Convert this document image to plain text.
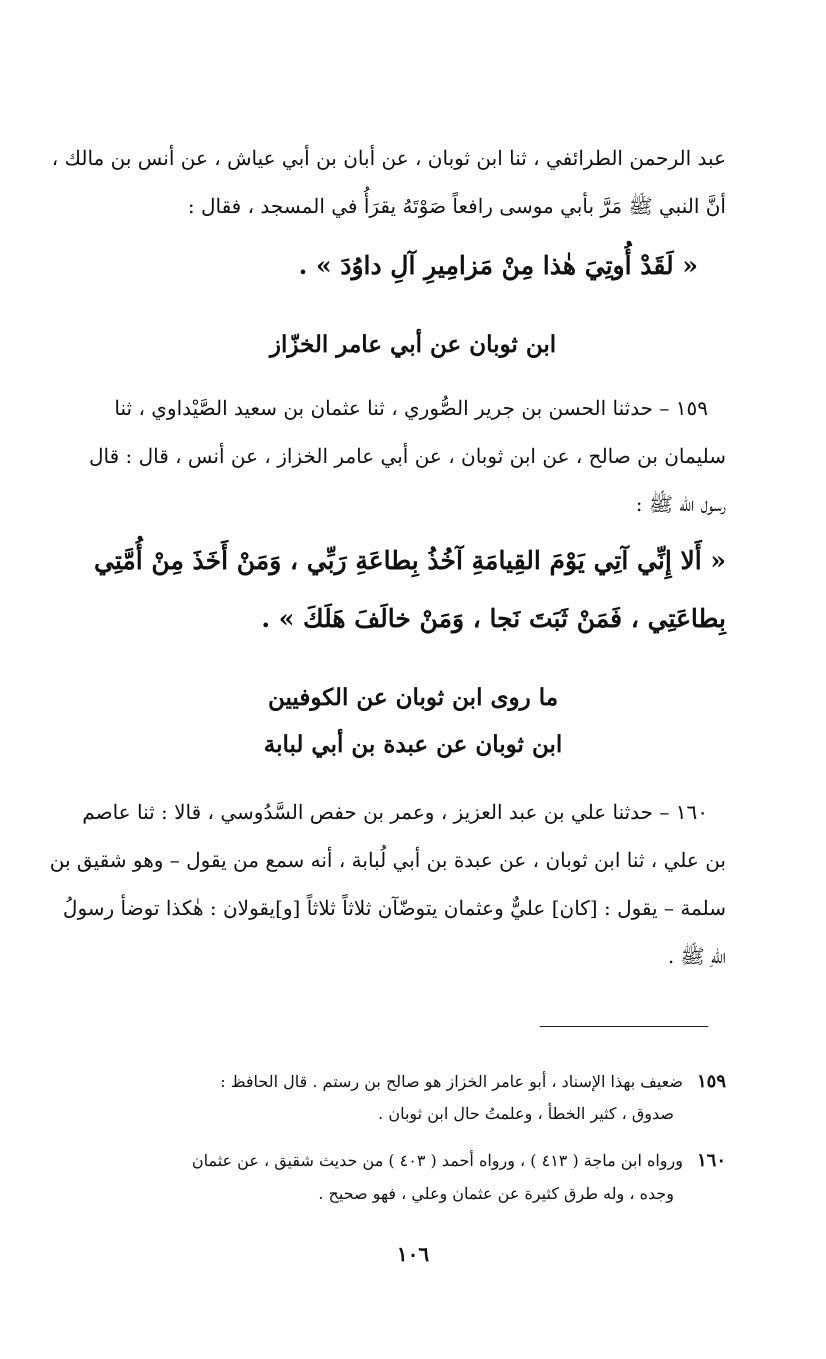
عبد الرحمن الطرائفي ، ثنا ابن ثوبان ، عن أبان بن أبي عياش ، عن أنس بن مالك ،
أنَّ النبي ﷺ مَرَّ بأبي موسى رافعاً صَوْتَهُ يقرَأُ في المسجد ، فقال :
« لَقَدْ أُوتِيَ هٰذا مِنْ مَزامِيرِ آلِ داوُدَ » .
ابن ثوبان عن أبي عامر الخزّاز
١٥٩ – حدثنا الحسن بن جرير الصُّوري ، ثنا عثمان بن سعيد الصَّيْداوي ، ثنا
سليمان بن صالح ، عن ابن ثوبان ، عن أبي عامر الخزاز ، عن أنس ، قال : قال
رسول الله ﷺ :
« أَلا إِنِّي آتِي يَوْمَ القِيامَةِ آخُذُ بِطاعَةِ رَبِّي ، وَمَنْ أَخَذَ مِنْ أُمَّتِي
بِطاعَتِي ، فَمَنْ ثَبَتَ نَجا ، وَمَنْ خالَفَ هَلَكَ » .
ما روى ابن ثوبان عن الكوفيين
ابن ثوبان عن عبدة بن أبي لبابة
١٦٠ – حدثنا علي بن عبد العزيز ، وعمر بن حفص السَّدُوسي ، قالا : ثنا عاصم
بن علي ، ثنا ابن ثوبان ، عن عبدة بن أبي لُبابة ، أنه سمع من يقول – وهو شقيق بن
سلمة – يقول : [كان] عليٌّ وعثمان يتوضّآن ثلاثاً ثلاثاً [و]يقولان : هٰكذا توضأ رسولُ
اللهِ ﷺ .
١٥٩ضعيف بهذا الإسناد ، أبو عامر الخزاز هو صالح بن رستم . قال الحافظ :
صدوق ، كثير الخطأ ، وعلمتُ حال ابن ثوبان .
١٦٠ورواه ابن ماجة ( ٤١٣ ) ، ورواه أحمد ( ٤٠٣ ) من حديث شقيق ، عن عثمان
وجده ، وله طرق كثيرة عن عثمان وعلي ، فهو صحيح .
١٠٦
